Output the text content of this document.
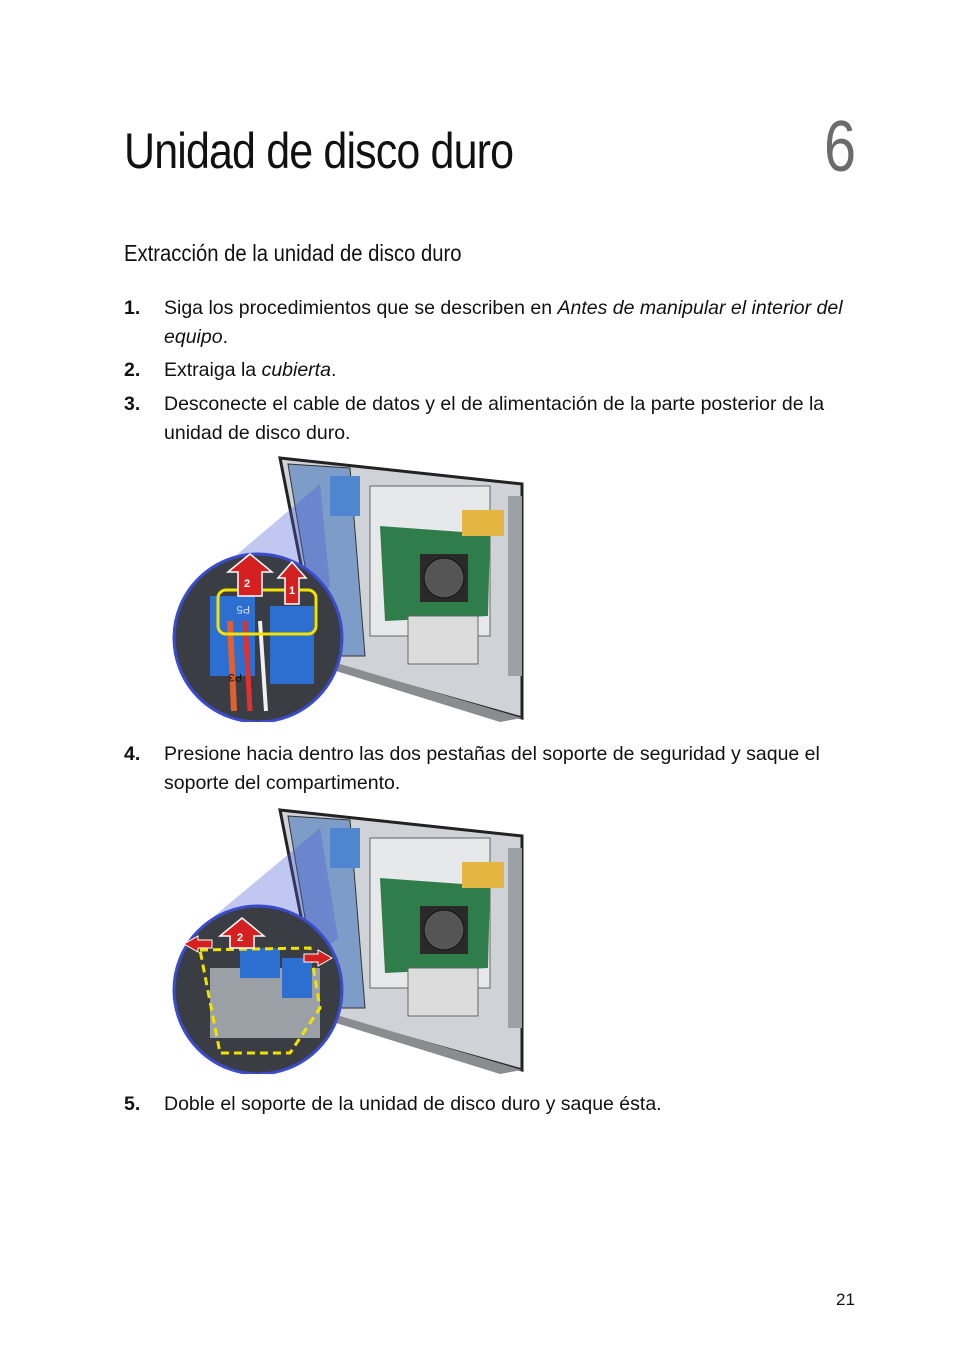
Unidad de disco duro	6
Extracción de la unidad de disco duro
1. Siga los procedimientos que se describen en Antes de manipular el interior del equipo.
2. Extraiga la cubierta.
3. Desconecte el cable de datos y el de alimentación de la parte posterior de la unidad de disco duro.
P3
P5
2
1
4. Presione hacia dentro las dos pestañas del soporte de seguridad y saque el soporte del compartimento.
2
5. Doble el soporte de la unidad de disco duro y saque ésta.
21
